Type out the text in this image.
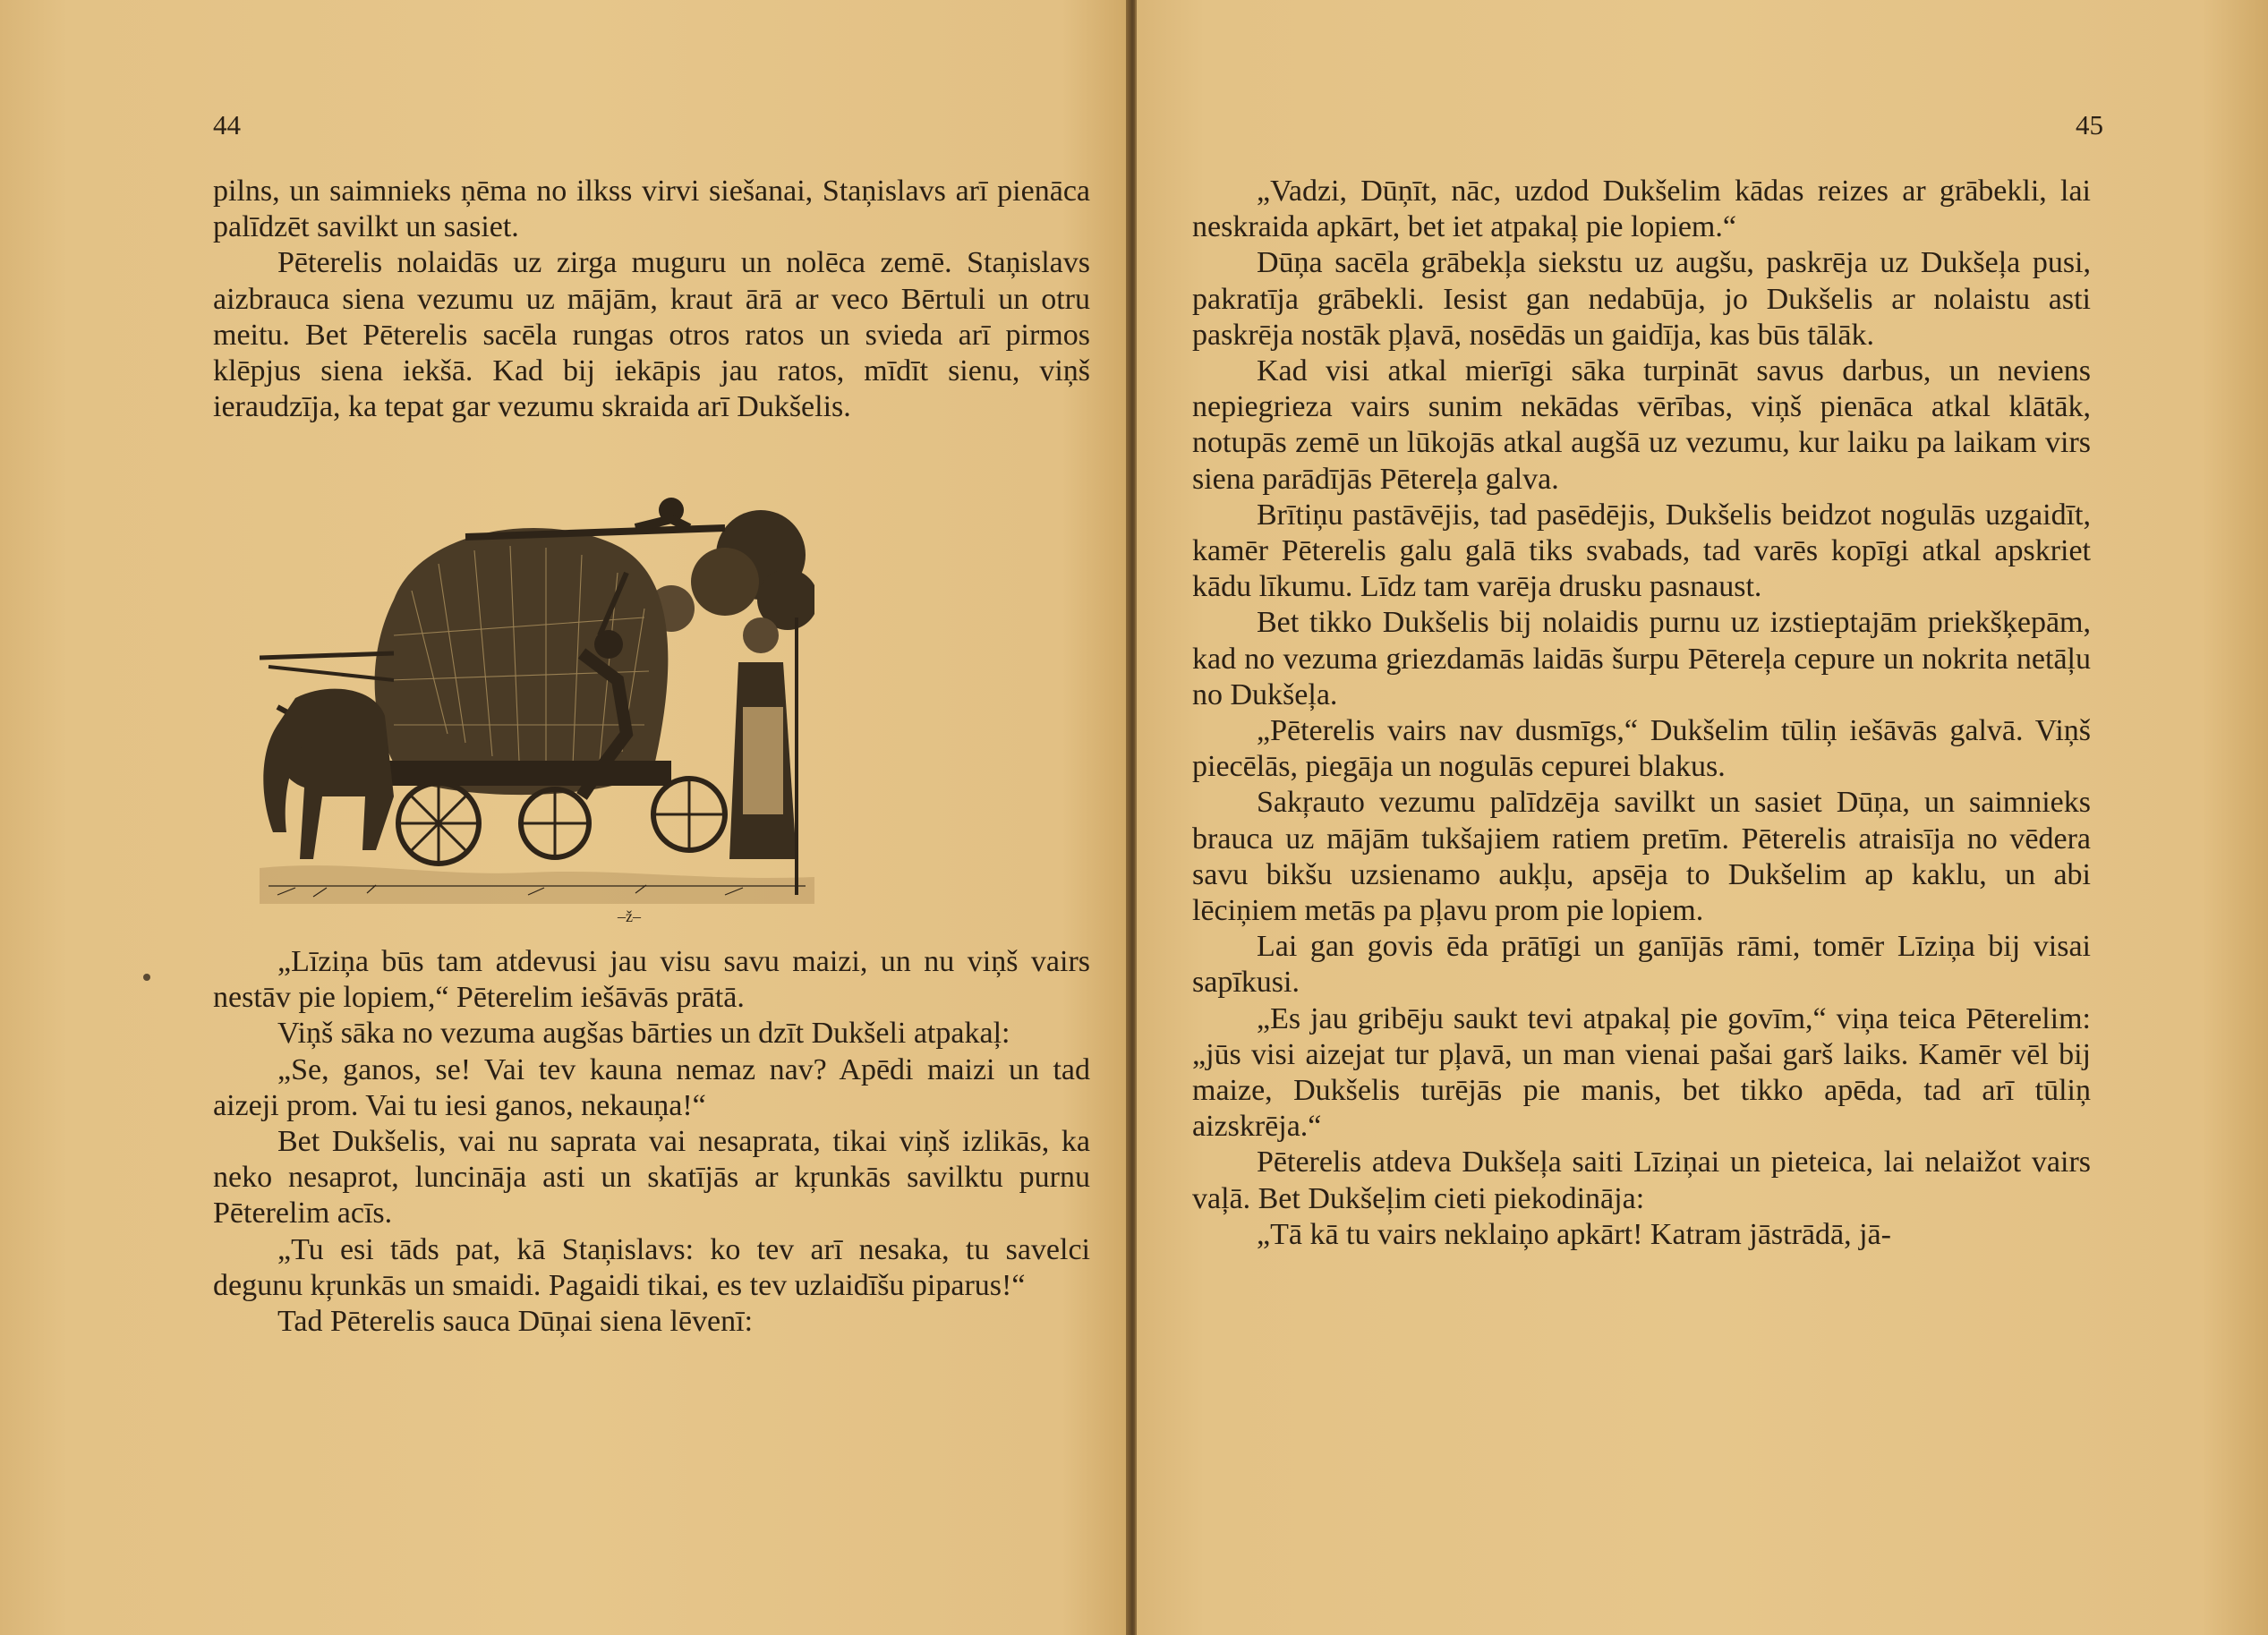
44

pilns, un saimnieks ņēma no ilkss virvi siešanai, Staņislavs arī pienāca palīdzēt savilkt un sasiet.

Pēterelis nolaidās uz zirga muguru un nolēca zemē. Staņislavs aizbrauca siena vezumu uz mājām, kraut ārā ar veco Bērtuli un otru meitu. Bet Pēterelis sacēla rungas otros ratos un svieda arī pirmos klēpjus siena iekšā. Kad bij iekāpis jau ratos, mīdīt sienu, viņš ieraudzīja, ka tepat gar vezumu skraida arī Dukšelis.

–ž–

„Līziņa būs tam atdevusi jau visu savu maizi, un nu viņš vairs nestāv pie lopiem,“ Pēterelim iešāvās prātā.

Viņš sāka no vezuma augšas bārties un dzīt Dukšeli atpakaļ:

„Se, ganos, se! Vai tev kauna nemaz nav? Apēdi maizi un tad aizeji prom. Vai tu iesi ganos, nekauņa!“

Bet Dukšelis, vai nu saprata vai nesaprata, tikai viņš izlikās, ka neko nesaprot, luncināja asti un skatījās ar kŗunkās savilktu purnu Pēterelim acīs.

„Tu esi tāds pat, kā Staņislavs: ko tev arī nesaka, tu savelci degunu kŗunkās un smaidi. Pagaidi tikai, es tev uzlaidīšu piparus!“

Tad Pēterelis sauca Dūņai siena lēvenī:

45

„Vadzi, Dūņīt, nāc, uzdod Dukšelim kādas reizes ar grābekli, lai neskraida apkārt, bet iet atpakaļ pie lopiem.“

Dūņa sacēla grābekļa siekstu uz augšu, paskrēja uz Dukšeļa pusi, pakratīja grābekli. Iesist gan nedabūja, jo Dukšelis ar nolaistu asti paskrēja nostāk pļavā, nosēdās un gaidīja, kas būs tālāk.

Kad visi atkal mierīgi sāka turpināt savus darbus, un neviens nepiegrieza vairs sunim nekādas vērības, viņš pienāca atkal klātāk, notupās zemē un lūkojās atkal augšā uz vezumu, kur laiku pa laikam virs siena parādījās Pētereļa galva.

Brītiņu pastāvējis, tad pasēdējis, Dukšelis beidzot nogulās uzgaidīt, kamēr Pēterelis galu galā tiks svabads, tad varēs kopīgi atkal apskriet kādu līkumu. Līdz tam varēja drusku pasnaust.

Bet tikko Dukšelis bij nolaidis purnu uz izstieptajām priekšķepām, kad no vezuma griezdamās laidās šurpu Pētereļa cepure un nokrita netāļu no Dukšeļa.

„Pēterelis vairs nav dusmīgs,“ Dukšelim tūliņ iešāvās galvā. Viņš piecēlās, piegāja un nogulās cepurei blakus.

Sakŗauto vezumu palīdzēja savilkt un sasiet Dūņa, un saimnieks brauca uz mājām tukšajiem ratiem pretīm. Pēterelis atraisīja no vēdera savu bikšu uzsienamo aukļu, apsēja to Dukšelim ap kaklu, un abi lēciņiem metās pa pļavu prom pie lopiem.

Lai gan govis ēda prātīgi un ganījās rāmi, tomēr Līziņa bij visai sapīkusi.

„Es jau gribēju saukt tevi atpakaļ pie govīm,“ viņa teica Pēterelim: „jūs visi aizejat tur pļavā, un man vienai pašai garš laiks. Kamēr vēl bij maize, Dukšelis turējās pie manis, bet tikko apēda, tad arī tūliņ aizskrēja.“

Pēterelis atdeva Dukšeļa saiti Līziņai un pieteica, lai nelaižot vairs vaļā. Bet Dukšeļim cieti piekodināja:

„Tā kā tu vairs neklaiņo apkārt! Katram jāstrādā, jā-
